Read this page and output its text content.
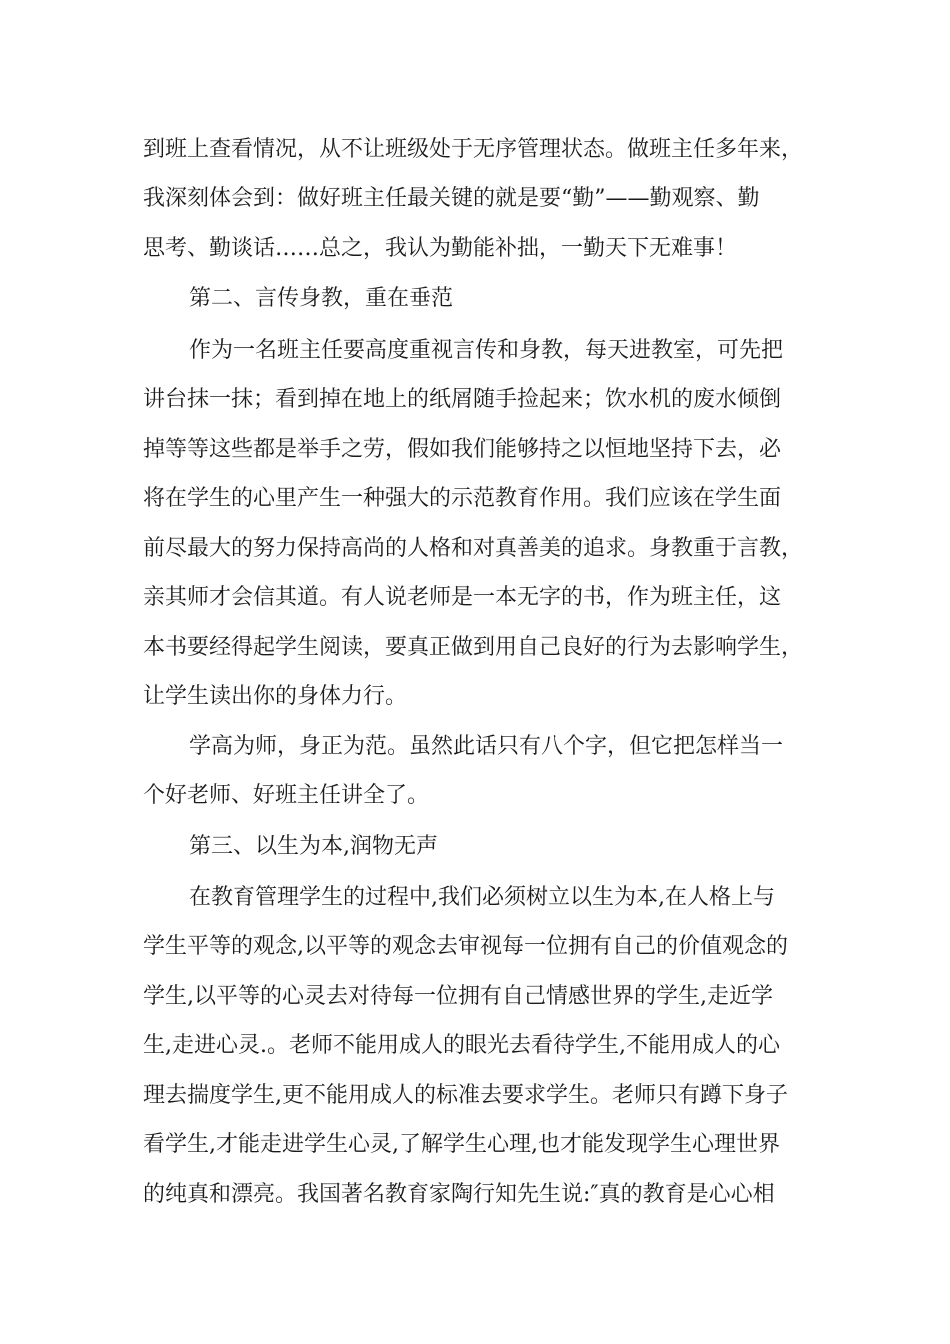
到班上查看情况，从不让班级处于无序管理状态。做班主任多年来，
我深刻体会到：做好班主任最关键的就是要“勤”——勤观察、勤
思考、勤谈话……总之，我认为勤能补拙，一勤天下无难事！
第二、言传身教，重在垂范
作为一名班主任要高度重视言传和身教，每天进教室，可先把
讲台抹一抹；看到掉在地上的纸屑随手捡起来；饮水机的废水倾倒
掉等等这些都是举手之劳，假如我们能够持之以恒地坚持下去，必
将在学生的心里产生一种强大的示范教育作用。我们应该在学生面
前尽最大的努力保持高尚的人格和对真善美的追求。身教重于言教，
亲其师才会信其道。有人说老师是一本无字的书，作为班主任，这
本书要经得起学生阅读，要真正做到用自己良好的行为去影响学生，
让学生读出你的身体力行。
学高为师，身正为范。虽然此话只有八个字，但它把怎样当一
个好老师、好班主任讲全了。
第三、以生为本,润物无声
在教育管理学生的过程中,我们必须树立以生为本,在人格上与
学生平等的观念,以平等的观念去审视每一位拥有自己的价值观念的
学生,以平等的心灵去对待每一位拥有自己情感世界的学生,走近学
生,走进心灵.。老师不能用成人的眼光去看待学生,不能用成人的心
理去揣度学生,更不能用成人的标准去要求学生。老师只有蹲下身子
看学生,才能走进学生心灵,了解学生心理,也才能发现学生心理世界
的纯真和漂亮。我国著名教育家陶行知先生说:″真的教育是心心相
